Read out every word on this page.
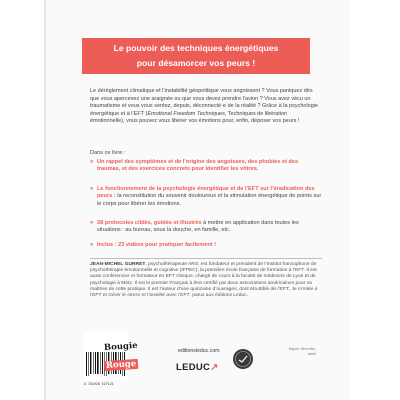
Le pouvoir des techniques énergétiques
pour désamorcer vos peurs !
Le dérèglement climatique et l’instabilité géopolitique vous angoissent ? Vous paniquez dès que vous apercevez une araignée ou que vous devez prendre l’avion ? Vous avez vécu un traumatisme et vous vous sentez, depuis, déconnecté·e de la réalité ? Grâce à la psychologie énergétique et à l’EFT (Emotional Freedom Techniques, Techniques de libération émotionnelle), vous pouvez vous libérer vos émotions pour, enfin, déposer vos peurs !
Dans ce livre :
» Un rappel des symptômes et de l’origine des angoisses, des phobies et des traumas, et des exercices concrets pour identifier les vôtres.
» Le fonctionnement de la psychologie énergétique et de l’EFT sur l’éradication des peurs : la reconstitution du souvenir douloureux et la stimulation énergétique de points sur le corps pour libérer les émotions.
» 28 protocoles ciblés, guidés et illustrés à mettre en application dans toutes les situations : au bureau, sous la douche, en famille, etc.
» Inclus : 23 vidéos pour pratiquer facilement !
JEAN-MICHEL GURRET, psychothérapeute ARS, est fondateur et président de l’Institut francophone de psychothérapie émotionnelle et cognitive (IFPEC), la première école française de formation à l’EFT. Il est aussi conférencier et formateur en EFT clinique, chargé de cours à la faculté de médecine de Lyon et de psychologie à Metz. Il est le premier Français à être certifié par deux associations américaines pour sa maîtrise de cette pratique. Il est l’auteur d’une quinzaine d’ouvrages, dont Ma Bible de l’EFT, Je m’initie à l’EFT et Gérer le stress et l’anxiété avec l’EFT, parus aux éditions Leduc.
BougieRouge
editionsleduc.com
LEDUC↗
Rayon : Bien-être,
santé
9 791028 527121
